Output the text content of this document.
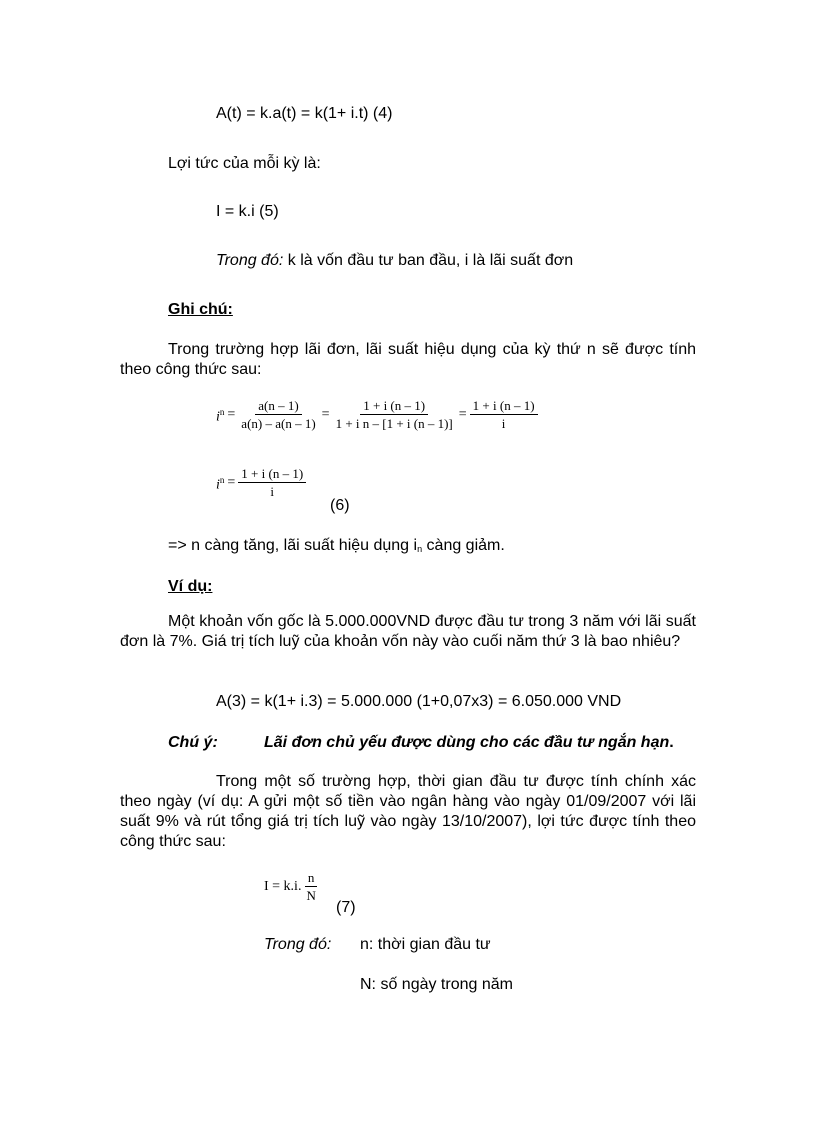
A(t) = k.a(t) = k(1+ i.t) (4)
Lợi tức của mỗi kỳ là:
I = k.i (5)
Trong đó: k là vốn đầu tư ban đầu, i là lãi suất đơn
Ghi chú:
Trong trường hợp lãi đơn, lãi suất hiệu dụng của kỳ thứ n sẽ được tính theo công thức sau:
$i^n = \frac{a(n - 1)}{a(n) - a(n - 1)} = \frac{1 + i (n - 1)}{\text{1 + i n – [1 + i (n – 1)]}} = \frac{1 + i (n - 1)}{i}$
$i^n = \frac{1 + i (n - 1)}{i}$
(6)
=> n càng tăng, lãi suất hiệu dụng $i_n$ càng giảm.
Ví dụ:
Một khoản vốn gốc là 5.000.000VND được đầu tư trong 3 năm với lãi suất đơn là 7%. Giá trị tích luỹ của khoản vốn này vào cuối năm thứ 3 là bao nhiêu?
A(3) = k(1+ i.3) = 5.000.000 (1+0,07x3) = 6.050.000 VND
Chú ý:	Lãi đơn chủ yếu được dùng cho các đầu tư ngắn hạn.
Trong một số trường hợp, thời gian đầu tư được tính chính xác theo ngày (ví dụ: A gửi một số tiền vào ngân hàng vào ngày 01/09/2007 với lãi suất 9% và rút tổng giá trị tích luỹ vào ngày 13/10/2007), lợi tức được tính theo công thức sau:
I = k.i. $\frac{n}{N}$
(7)
Trong đó: n: thời gian đầu tư
N: số ngày trong năm
